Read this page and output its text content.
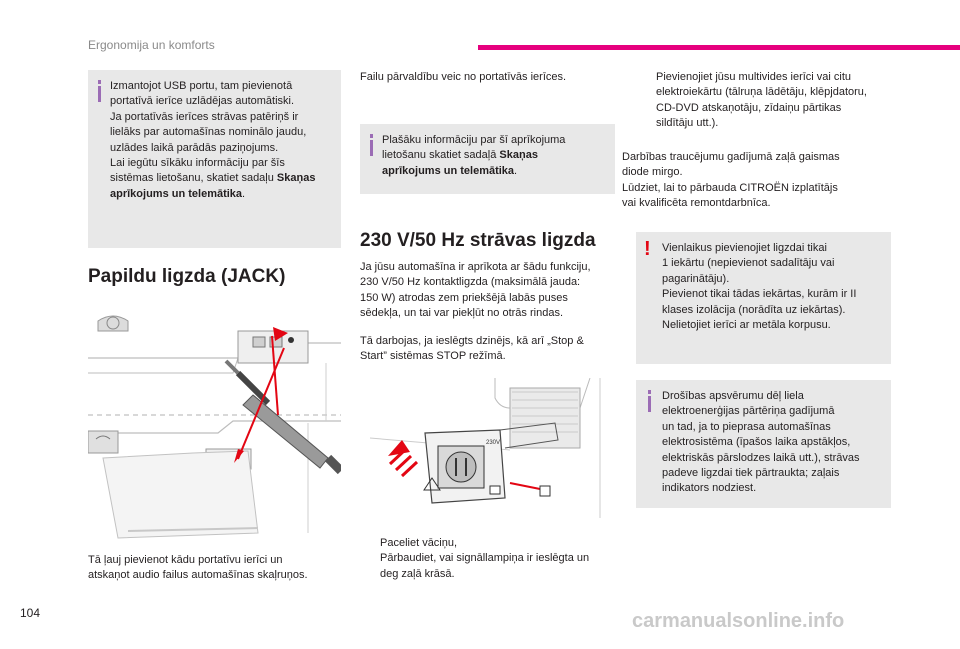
Ergonomija un komforts
Izmantojot USB portu, tam pievienotā
portatīvā ierīce uzlādējas automātiski.
Ja portatīvās ierīces strāvas patēriņš ir
lielāks par automašīnas nominālo jaudu,
uzlādes laikā parādās paziņojums.
Lai iegūtu sīkāku informāciju par šīs
sistēmas lietošanu, skatiet sadaļu Skaņas
aprīkojums un telemātika.
Papildu ligzda (JACK)
Tā ļauj pievienot kādu portatīvu ierīci un
atskaņot audio failus automašīnas skaļruņos.
Failu pārvaldību veic no portatīvās ierīces.
Plašāku informāciju par šī aprīkojuma
lietošanu skatiet sadaļā Skaņas
aprīkojums un telemātika.
230 V/50 Hz strāvas ligzda
Ja jūsu automašīna ir aprīkota ar šādu funkciju,
230 V/50 Hz kontaktligzda (maksimālā jauda:
150 W) atrodas zem priekšējā labās puses
sēdekļa, un tai var piekļūt no otrās rindas.
Tā darbojas, ja ieslēgts dzinējs, kā arī „Stop &
Start” sistēmas STOP režīmā.
230V
Paceliet vāciņu,
Pārbaudiet, vai signāllampiņa ir ieslēgta un
deg zaļā krāsā.
Pievienojiet jūsu multivides ierīci vai citu
elektroiekārtu (tālruņa lādētāju, klēpjdatoru,
CD-DVD atskaņotāju, zīdaiņu pārtikas
sildītāju utt.).
Darbības traucējumu gadījumā zaļā gaismas
diode mirgo.
Lūdziet, lai to pārbauda CITROËN izplatītājs
vai kvalificēta remontdarbnīca.
! Vienlaikus pievienojiet ligzdai tikai
1 iekārtu (nepievienot sadalītāju vai
pagarinātāju).
Pievienot tikai tādas iekārtas, kurām ir II
klases izolācija (norādīta uz iekārtas).
Nelietojiet ierīci ar metāla korpusu.
Drošības apsvērumu dēļ liela
elektroenerģijas pārtēriņa gadījumā
un tad, ja to pieprasa automašīnas
elektrosistēma (īpašos laika apstākļos,
elektriskās pārslodzes laikā utt.), strāvas
padeve ligzdai tiek pārtraukta; zaļais
indikators nodziest.
104	carmanualsonline.info
